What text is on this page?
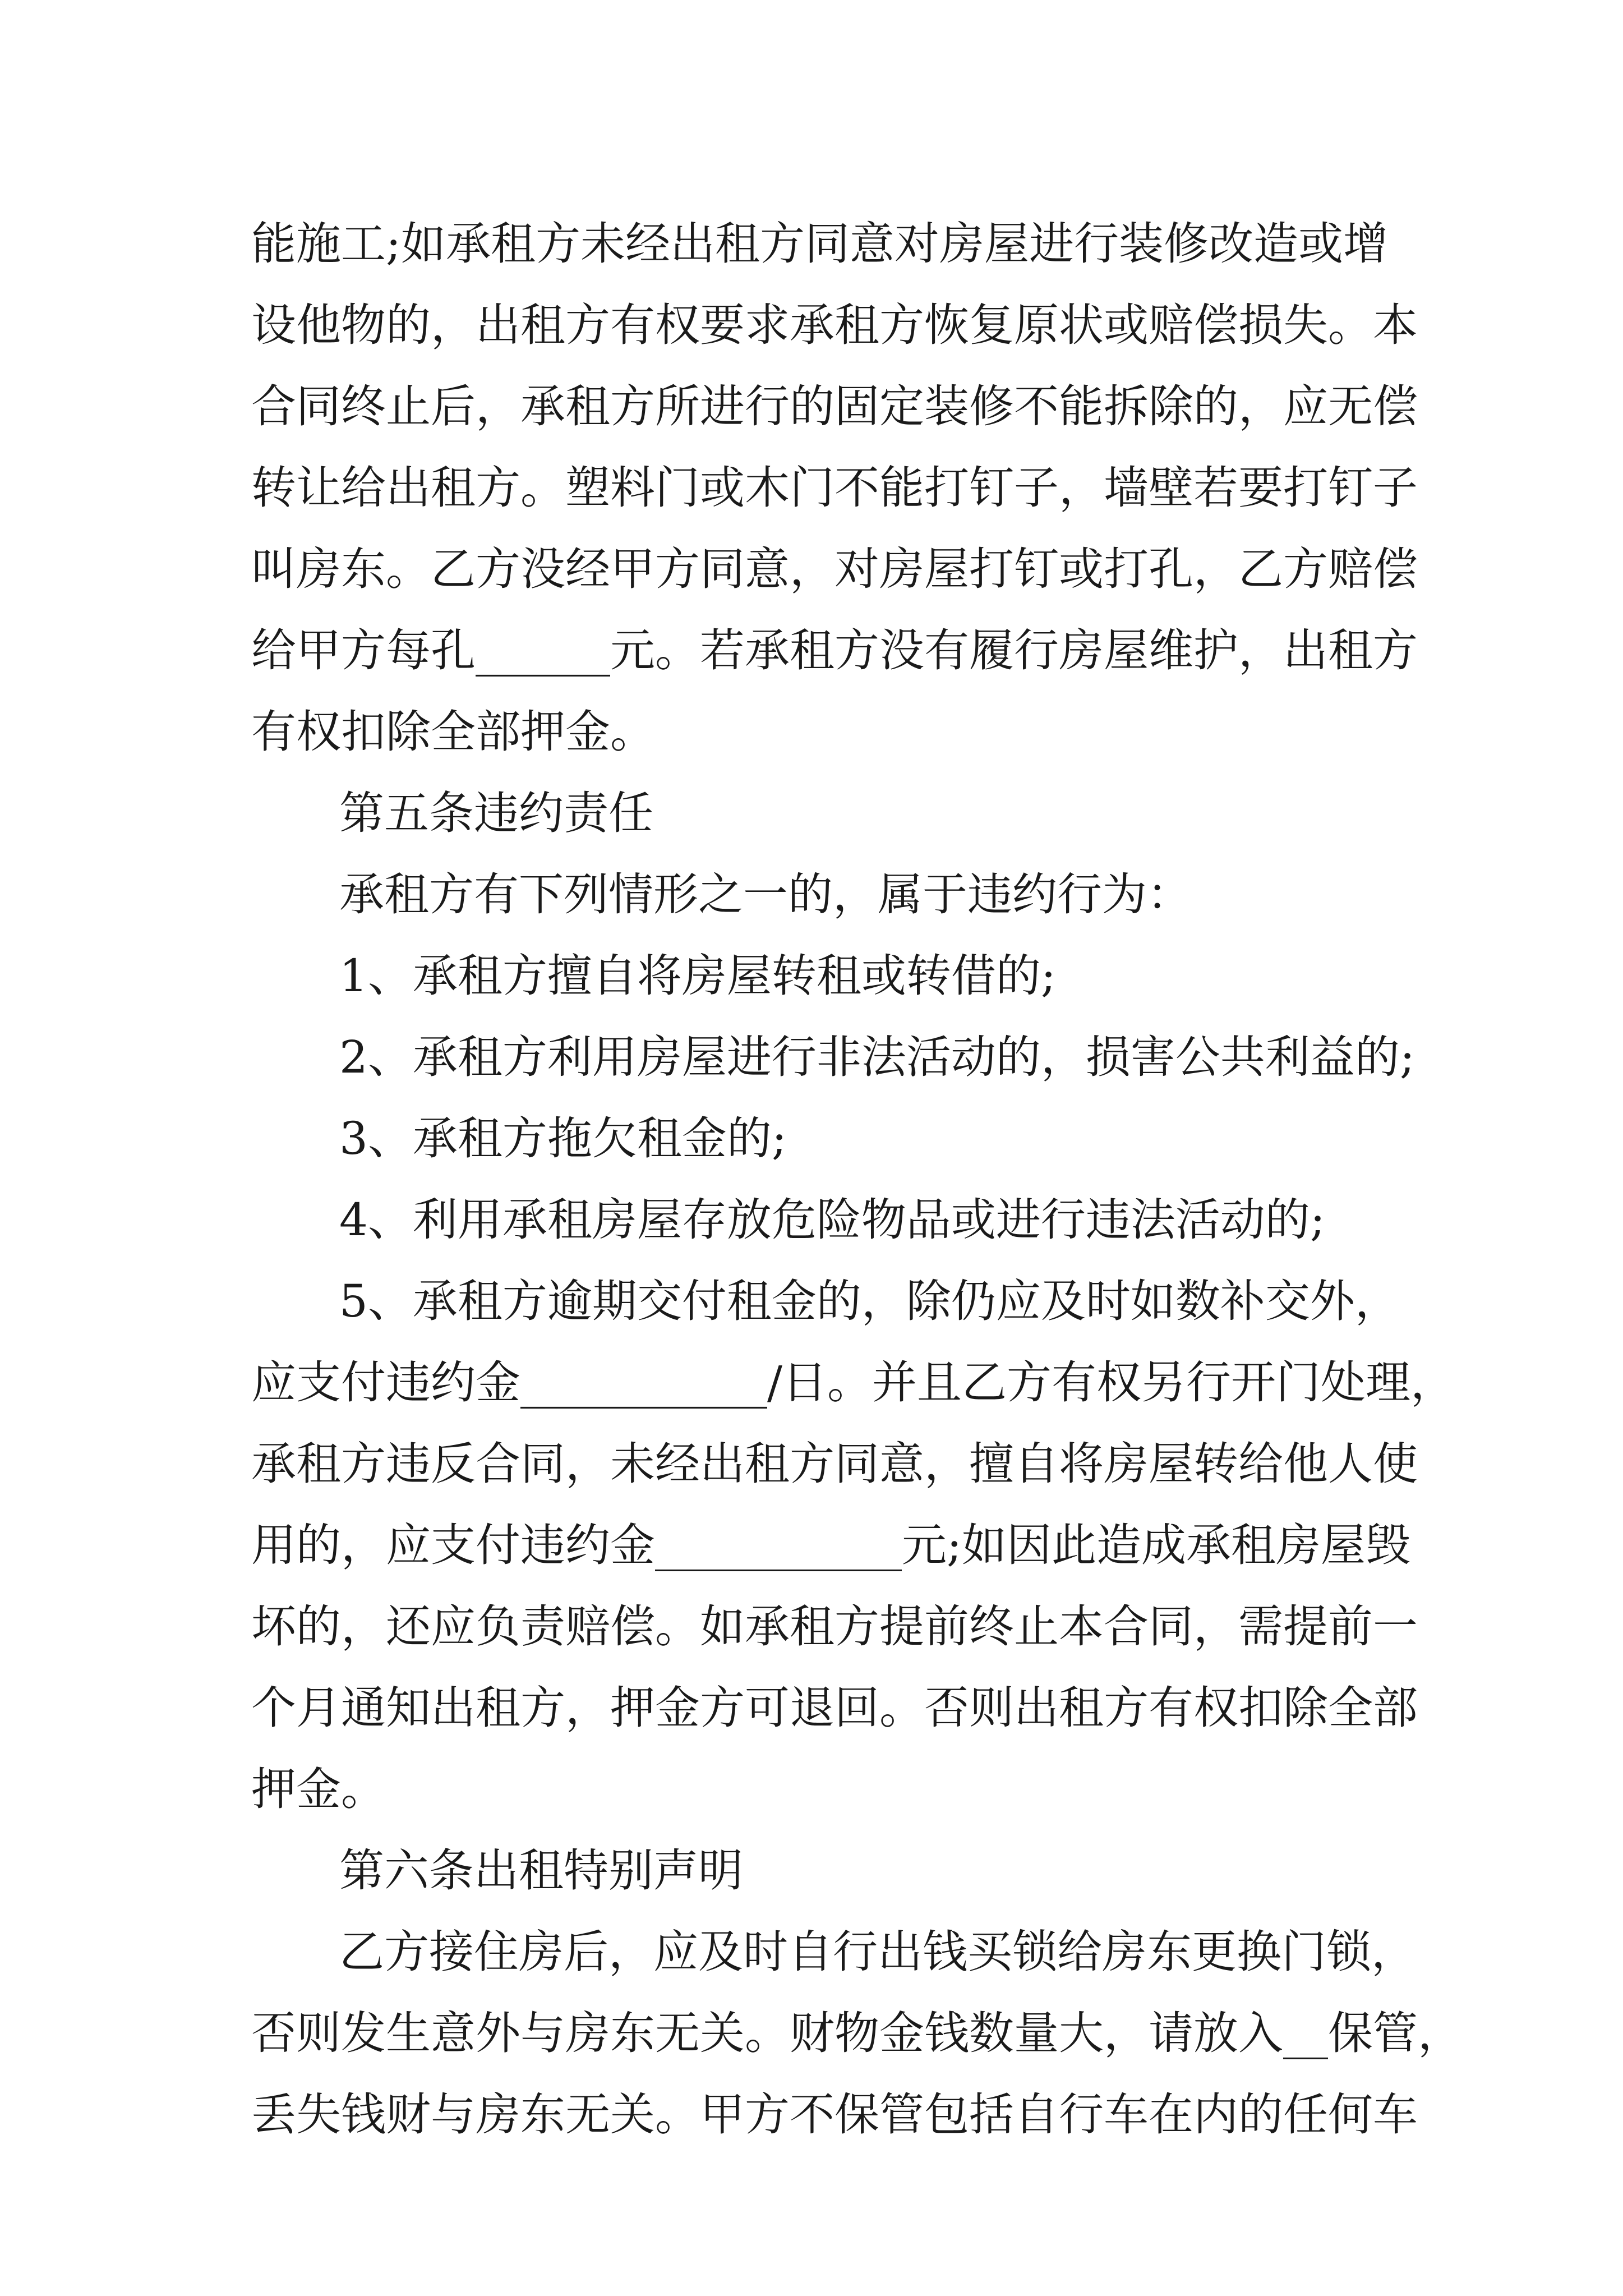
能施工;如承租方未经出租方同意对房屋进行装修改造或增
设他物的，出租方有权要求承租方恢复原状或赔偿损失。本
合同终止后，承租方所进行的固定装修不能拆除的，应无偿
转让给出租方。塑料门或木门不能打钉子，墙壁若要打钉子
叫房东。乙方没经甲方同意，对房屋打钉或打孔，乙方赔偿
给甲方每孔______元。若承租方没有履行房屋维护，出租方
有权扣除全部押金。
第五条违约责任
承租方有下列情形之一的，属于违约行为：
1、承租方擅自将房屋转租或转借的;
2、承租方利用房屋进行非法活动的，损害公共利益的;
3、承租方拖欠租金的;
4、利用承租房屋存放危险物品或进行违法活动的;
5、承租方逾期交付租金的，除仍应及时如数补交外，
应支付违约金___________/日。并且乙方有权另行开门处理，
承租方违反合同，未经出租方同意，擅自将房屋转给他人使
用的，应支付违约金___________元;如因此造成承租房屋毁
坏的，还应负责赔偿。如承租方提前终止本合同，需提前一
个月通知出租方，押金方可退回。否则出租方有权扣除全部
押金。
第六条出租特别声明
乙方接住房后，应及时自行出钱买锁给房东更换门锁，
否则发生意外与房东无关。财物金钱数量大，请放入__保管，
丢失钱财与房东无关。甲方不保管包括自行车在内的任何车
